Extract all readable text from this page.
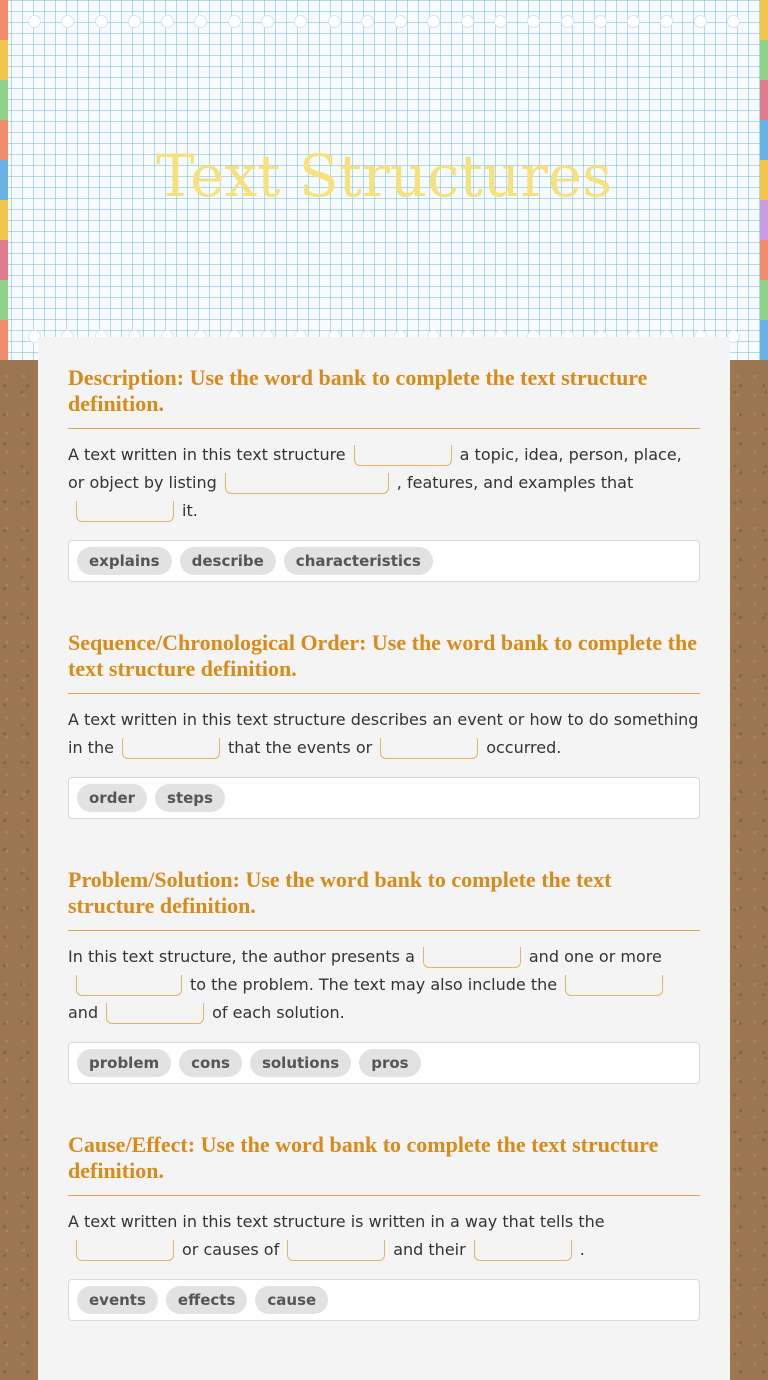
Text Structures
Description: Use the word bank to complete the text structure definition.
A text written in this text structure	a topic, idea, person, place, or object by listing	, features, and examples that it.
explains	describe	characteristics
Sequence/Chronological Order: Use the word bank to complete the text structure definition.
A text written in this text structure describes an event or how to do something in the	that the events or	occurred.
order	steps
Problem/Solution: Use the word bank to complete the text structure definition.
In this text structure, the author presents a	and one or more to the problem. The text may also include the and	of each solution.
problem	cons	solutions	pros
Cause/Effect: Use the word bank to complete the text structure definition.
A text written in this text structure is written in a way that tells the or causes of	and their	.
events	effects	cause
